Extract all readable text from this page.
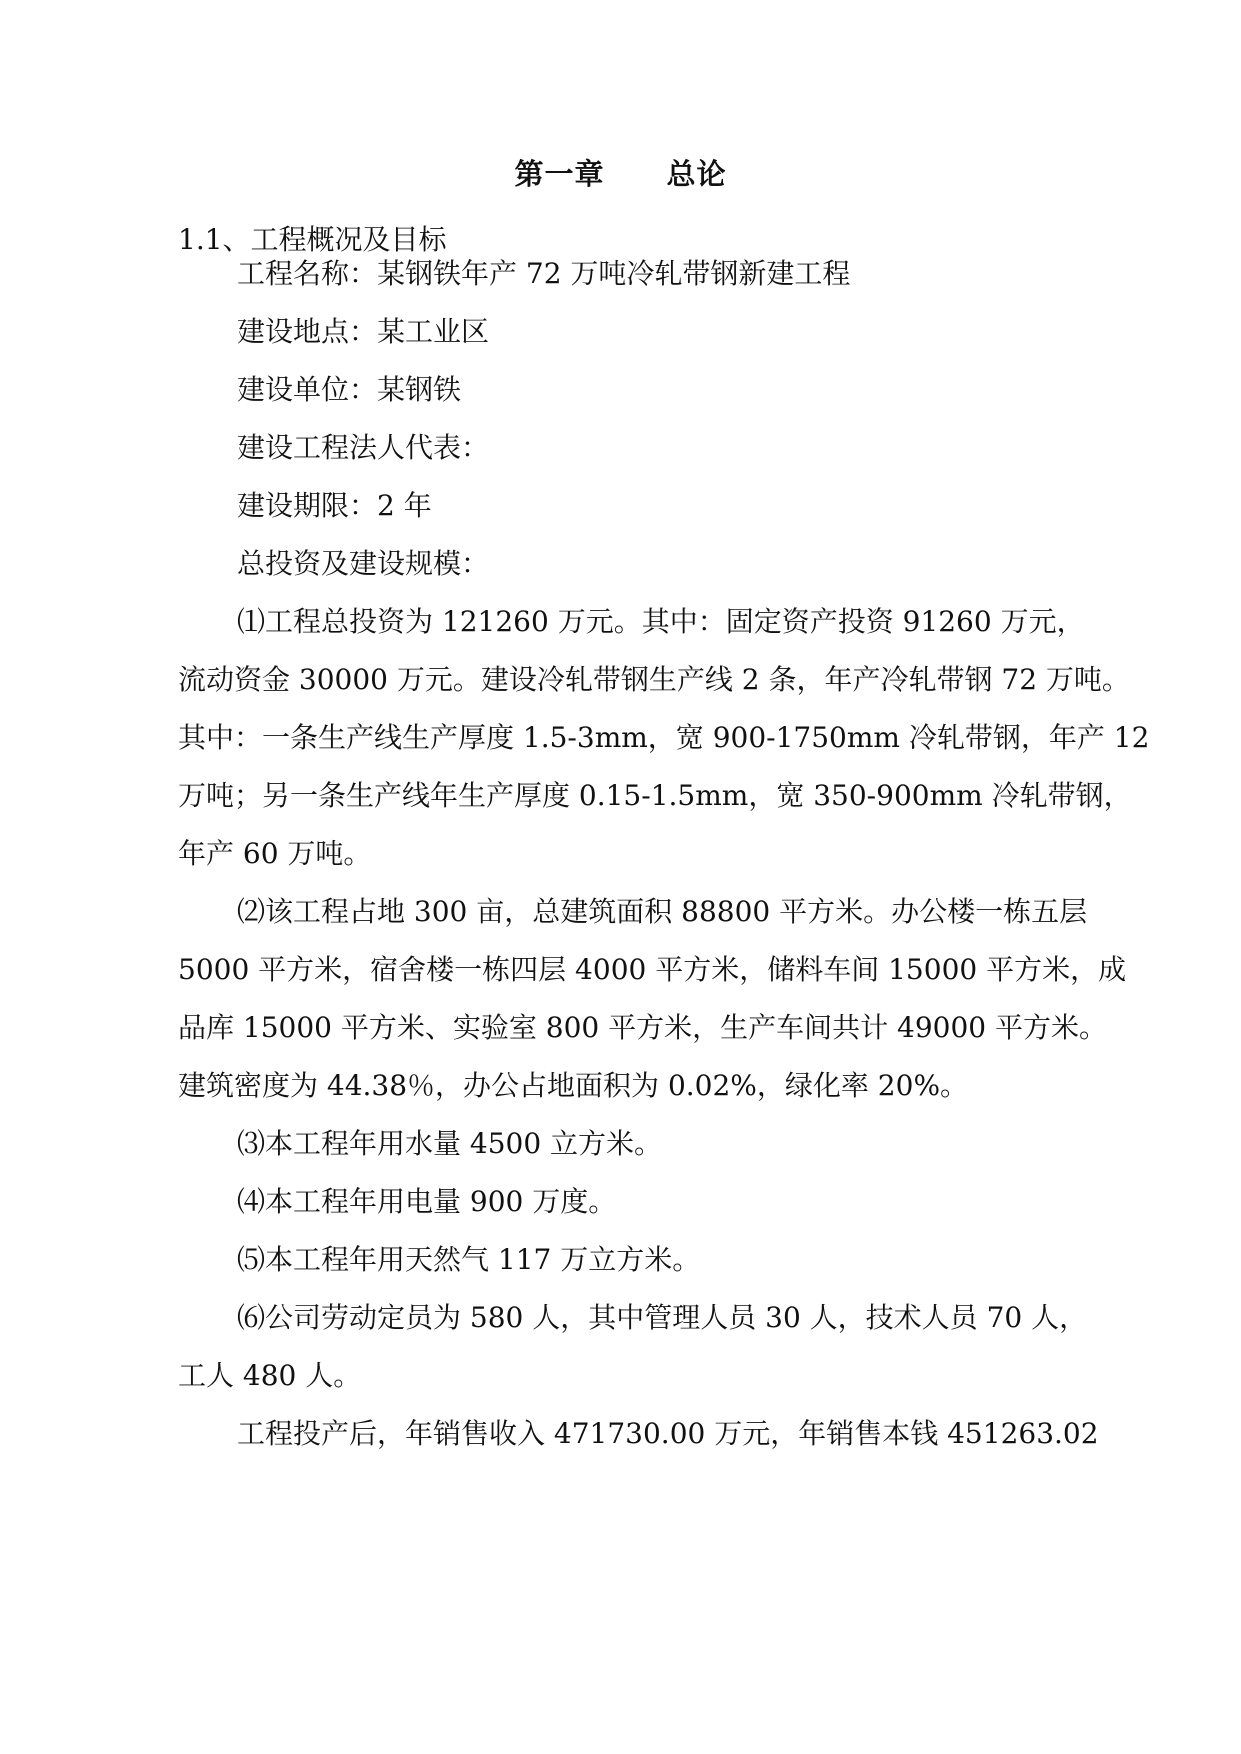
第一章 总论
1.1、工程概况及目标
工程名称：某钢铁年产 72 万吨冷轧带钢新建工程
建设地点：某工业区
建设单位：某钢铁
建设工程法人代表：
建设期限：2 年
总投资及建设规模：
⑴工程总投资为 121260 万元。其中：固定资产投资 91260 万元，
流动资金 30000 万元。建设冷轧带钢生产线 2 条，年产冷轧带钢 72 万吨。
其中：一条生产线生产厚度 1.5-3mm，宽 900-1750mm 冷轧带钢，年产 12
万吨；另一条生产线年生产厚度 0.15-1.5mm，宽 350-900mm 冷轧带钢，
年产 60 万吨。
⑵该工程占地 300 亩，总建筑面积 88800 平方米。办公楼一栋五层
5000 平方米，宿舍楼一栋四层 4000 平方米，储料车间 15000 平方米，成
品库 15000 平方米、实验室 800 平方米，生产车间共计 49000 平方米。
建筑密度为 44.38％，办公占地面积为 0.02%，绿化率 20%。
⑶本工程年用水量 4500 立方米。
⑷本工程年用电量 900 万度。
⑸本工程年用天然气 117 万立方米。
⑹公司劳动定员为 580 人，其中管理人员 30 人，技术人员 70 人，
工人 480 人。
工程投产后，年销售收入 471730.00 万元，年销售本钱 451263.02
